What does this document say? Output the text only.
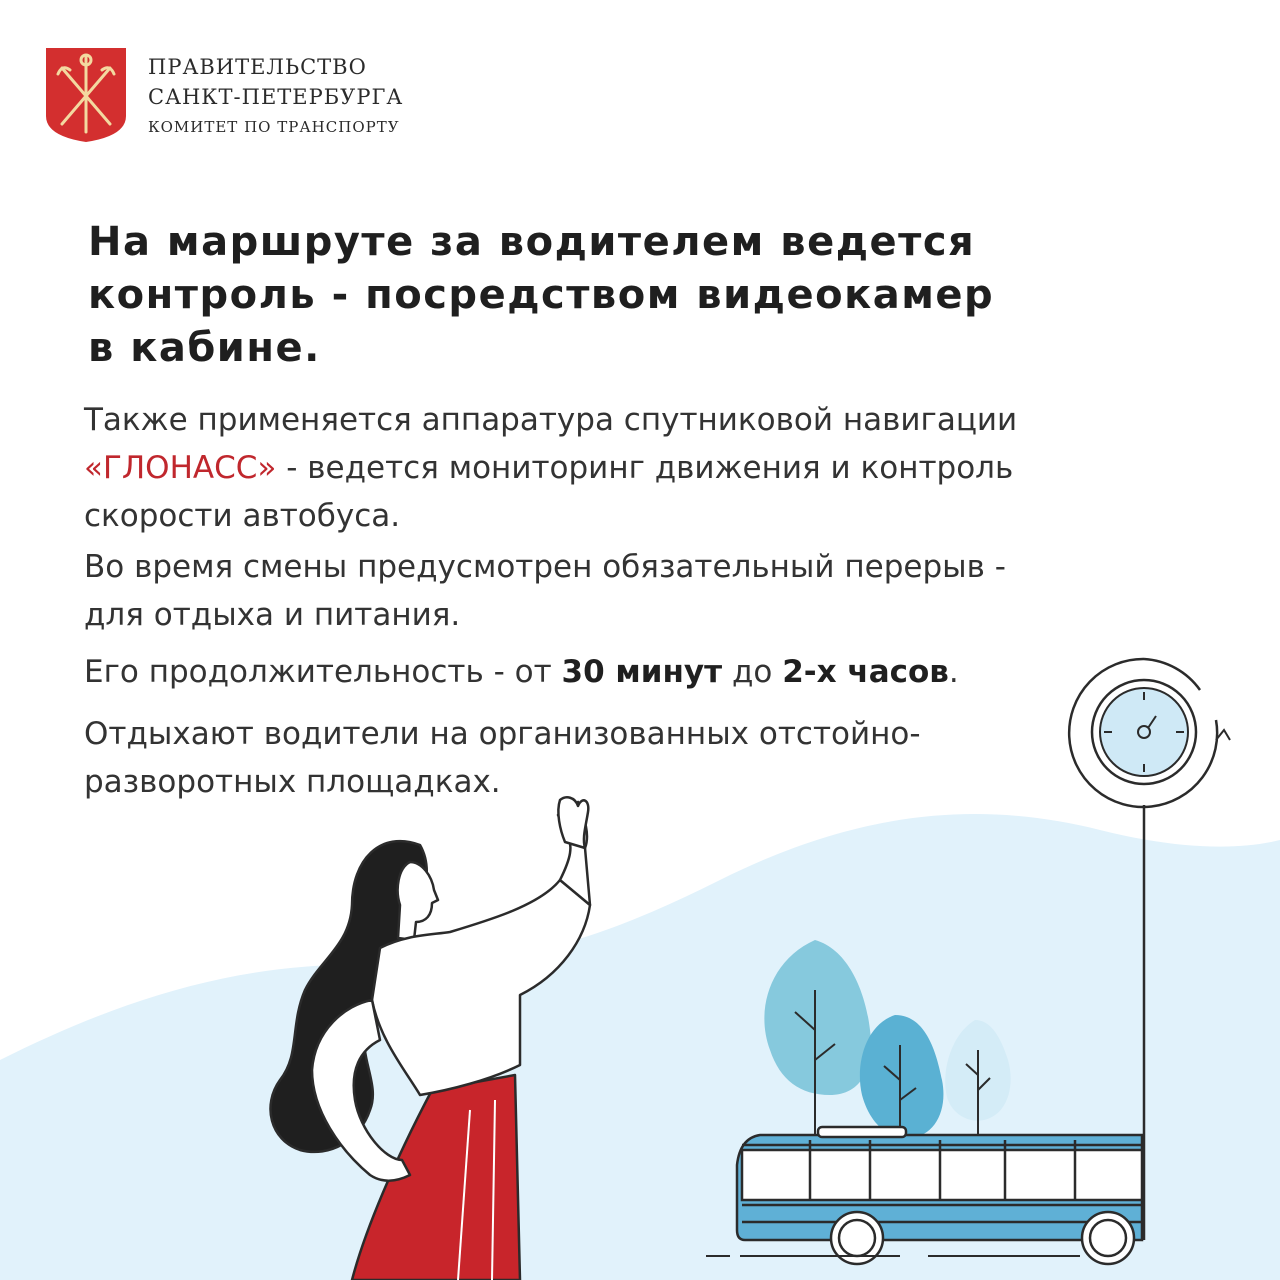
ПРАВИТЕЛЬСТВО
САНКТ-ПЕТЕРБУРГА
КОМИТЕТ ПО ТРАНСПОРТУ
На маршруте за водителем ведется
контроль - посредством видеокамер
в кабине.
Также применяется аппаратура спутниковой навигации
«ГЛОНАСС» - ведется мониторинг движения и контроль
скорости автобуса.
Во время смены предусмотрен обязательный перерыв -
для отдыха и питания.
Его продолжительность - от 30 минут до 2-х часов.
Отдыхают водители на организованных отстойно-
разворотных площадках.
